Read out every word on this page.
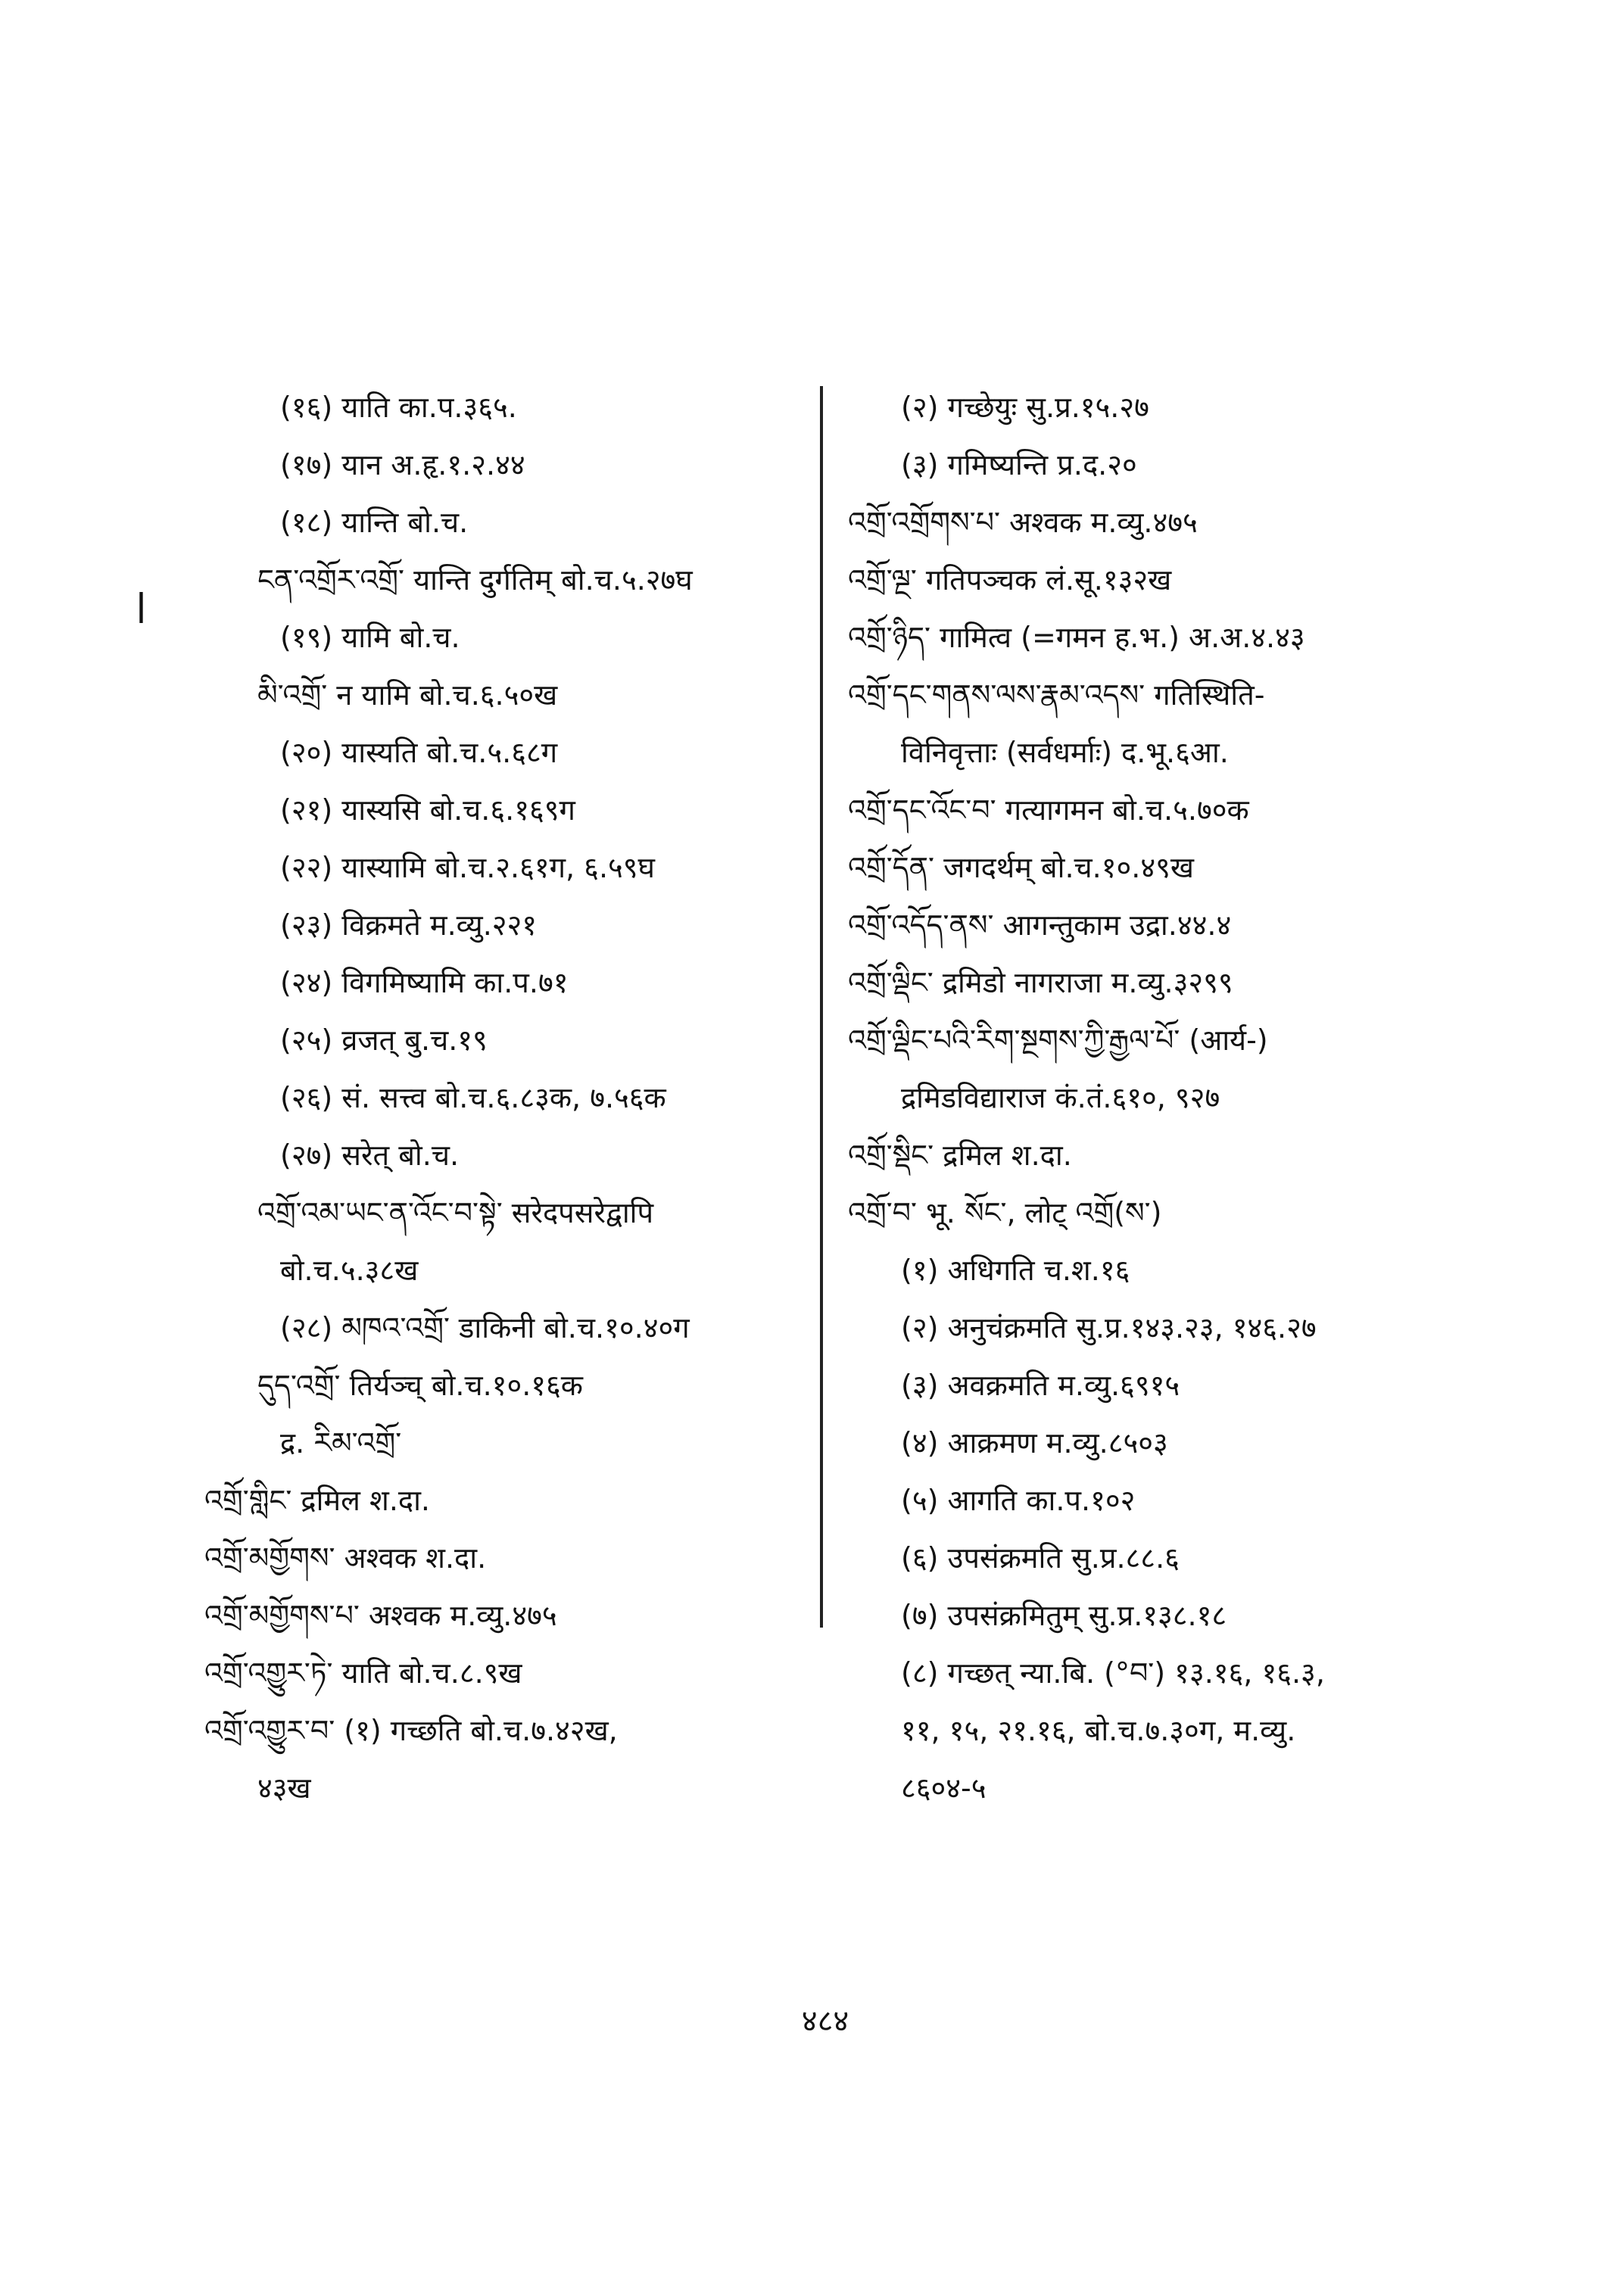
ǀ
(१६) याति का.प.३६५.
(१७) यान अ.हृ.१.२.४४
(१८) यान्ति बो.च.
ངན་འགྲོར་འགྲོ་ यान्ति दुर्गतिम् बो.च.५.२७घ
(१९) यामि बो.च.
མི་འགྲོ་ न यामि बो.च.६.५०ख
(२०) यास्यति बो.च.५.६८ग
(२१) यास्यसि बो.च.६.१६९ग
(२२) यास्यामि बो.च.२.६१ग, ६.५९घ
(२३) विक्रमते म.व्यु.२२१
(२४) विगमिष्यामि का.प.७१
(२५) व्रजत् बु.च.१९
(२६) सं. सत्त्व बो.च.६.८३क, ७.५६क
(२७) सरेत् बो.च.
འགྲོ་འམ་ཡང་ན་འོང་བ་སྟེ་ सरेदपसरेद्वापि
बो.च.५.३८ख
(२८) མཁའ་འགྲོ་ डाकिनी बो.च.१०.४०ग
དུད་འགྲོ་ तिर्यञ्च् बो.च.१०.१६क
द्र. རིམ་འགྲོ་
འགྲོ་གླིང་ द्रमिल श.दा.
འགྲོ་མགྱོགས་ अश्वक श.दा.
འགྲོ་མགྱོགས་པ་ अश्वक म.व्यु.४७५
འགྲོ་འགྱུར་ཏེ་ याति बो.च.८.९ख
འགྲོ་འགྱུར་བ་ (१) गच्छति बो.च.७.४२ख,
४३ख
(२) गच्छेयुः सु.प्र.१५.२७
(३) गमिष्यन्ति प्र.द.२०
འགྲོ་འགྲོགས་པ་ अश्वक म.व्यु.४७५
འགྲོ་ལྔ་ गतिपञ्चक लं.सू.१३२ख
འགྲོ་ཉིད་ गामित्व (=गमन ह.भ.) अ.अ.४.४३
འགྲོ་དང་གནས་ལས་རྣམ་འདས་ गतिस्थिति-
विनिवृत्ताः (सर्वधर्माः) द.भू.६आ.
འགྲོ་དང་འོང་བ་ गत्यागमन बो.च.५.७०क
འགྲོ་དོན་ जगदर्थम् बो.च.१०.४९ख
འགྲོ་འདོད་ནས་ आगन्तुकाम उद्रा.४४.४
འགྲོ་ལྡིང་ द्रमिडो नागराजा म.व्यु.३२९९
འགྲོ་ལྡིང་པའི་རིག་སྔགས་ཀྱི་རྒྱལ་པོ་ (आर्य-)
द्रमिडविद्याराज कं.तं.६१०, ९२७
འགྲོ་སྡིང་ द्रमिल श.दा.
འགྲོ་བ་ भू. སོང་, लोट् འགྲོ(ས་)
(१) अधिगति च.श.१६
(२) अनुचंक्रमति सु.प्र.१४३.२३, १४६.२७
(३) अवक्रमति म.व्यु.६९१५
(४) आक्रमण म.व्यु.८५०३
(५) आगति का.प.१०२
(६) उपसंक्रमति सु.प्र.८८.६
(७) उपसंक्रमितुम् सु.प्र.१३८.१८
(८) गच्छत् न्या.बि. (°བ་) १३.१६, १६.३,
११, १५, २१.१६, बो.च.७.३०ग, म.व्यु.
८६०४-५
४८४
